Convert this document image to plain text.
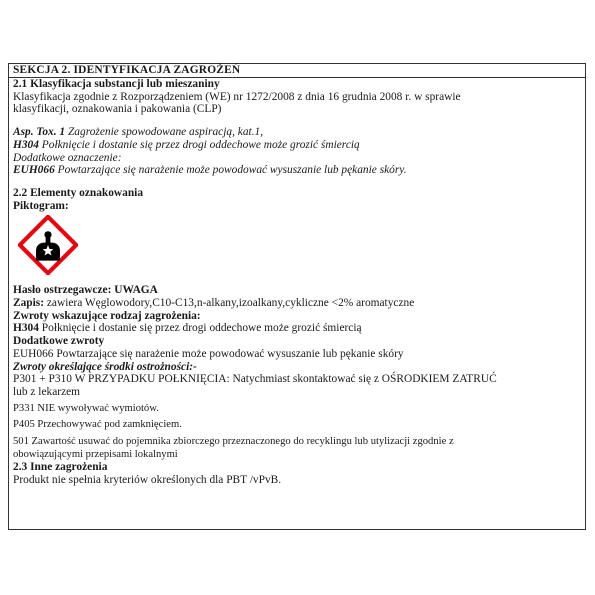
SEKCJA 2. IDENTYFIKACJA ZAGROŻEŃ
2.1 Klasyfikacja substancji lub mieszaniny
Klasyfikacja zgodnie z Rozporządzeniem (WE) nr 1272/2008 z dnia 16 grudnia 2008 r. w sprawie
klasyfikacji, oznakowania i pakowania (CLP)
Asp. Tox. 1 Zagrożenie spowodowane aspiracją, kat.1,
H304 Połknięcie i dostanie się przez drogi oddechowe może grozić śmiercią
Dodatkowe oznaczenie:
EUH066 Powtarzające się narażenie może powodować wysuszanie lub pękanie skóry.
2.2 Elementy oznakowania
Piktogram:
Hasło ostrzegawcze: UWAGA
Zapis: zawiera Węglowodory,C10-C13,n-alkany,izoalkany,cykliczne <2% aromatyczne
Zwroty wskazujące rodzaj zagrożenia:
H304 Połknięcie i dostanie się przez drogi oddechowe może grozić śmiercią
Dodatkowe zwroty
EUH066 Powtarzające się narażenie może powodować wysuszanie lub pękanie skóry
Zwroty określające środki ostrożności:-
P301 + P310 W PRZYPADKU POŁKNIĘCIA: Natychmiast skontaktować się z OŚRODKIEM ZATRUĆ
lub z lekarzem
P331 NIE wywoływać wymiotów.
P405 Przechowywać pod zamknięciem.
501 Zawartość usuwać do pojemnika zbiorczego przeznaczonego do recyklingu lub utylizacji zgodnie z
obowiązującymi przepisami lokalnymi
2.3 Inne zagrożenia
Produkt nie spełnia kryteriów określonych dla PBT /vPvB.
